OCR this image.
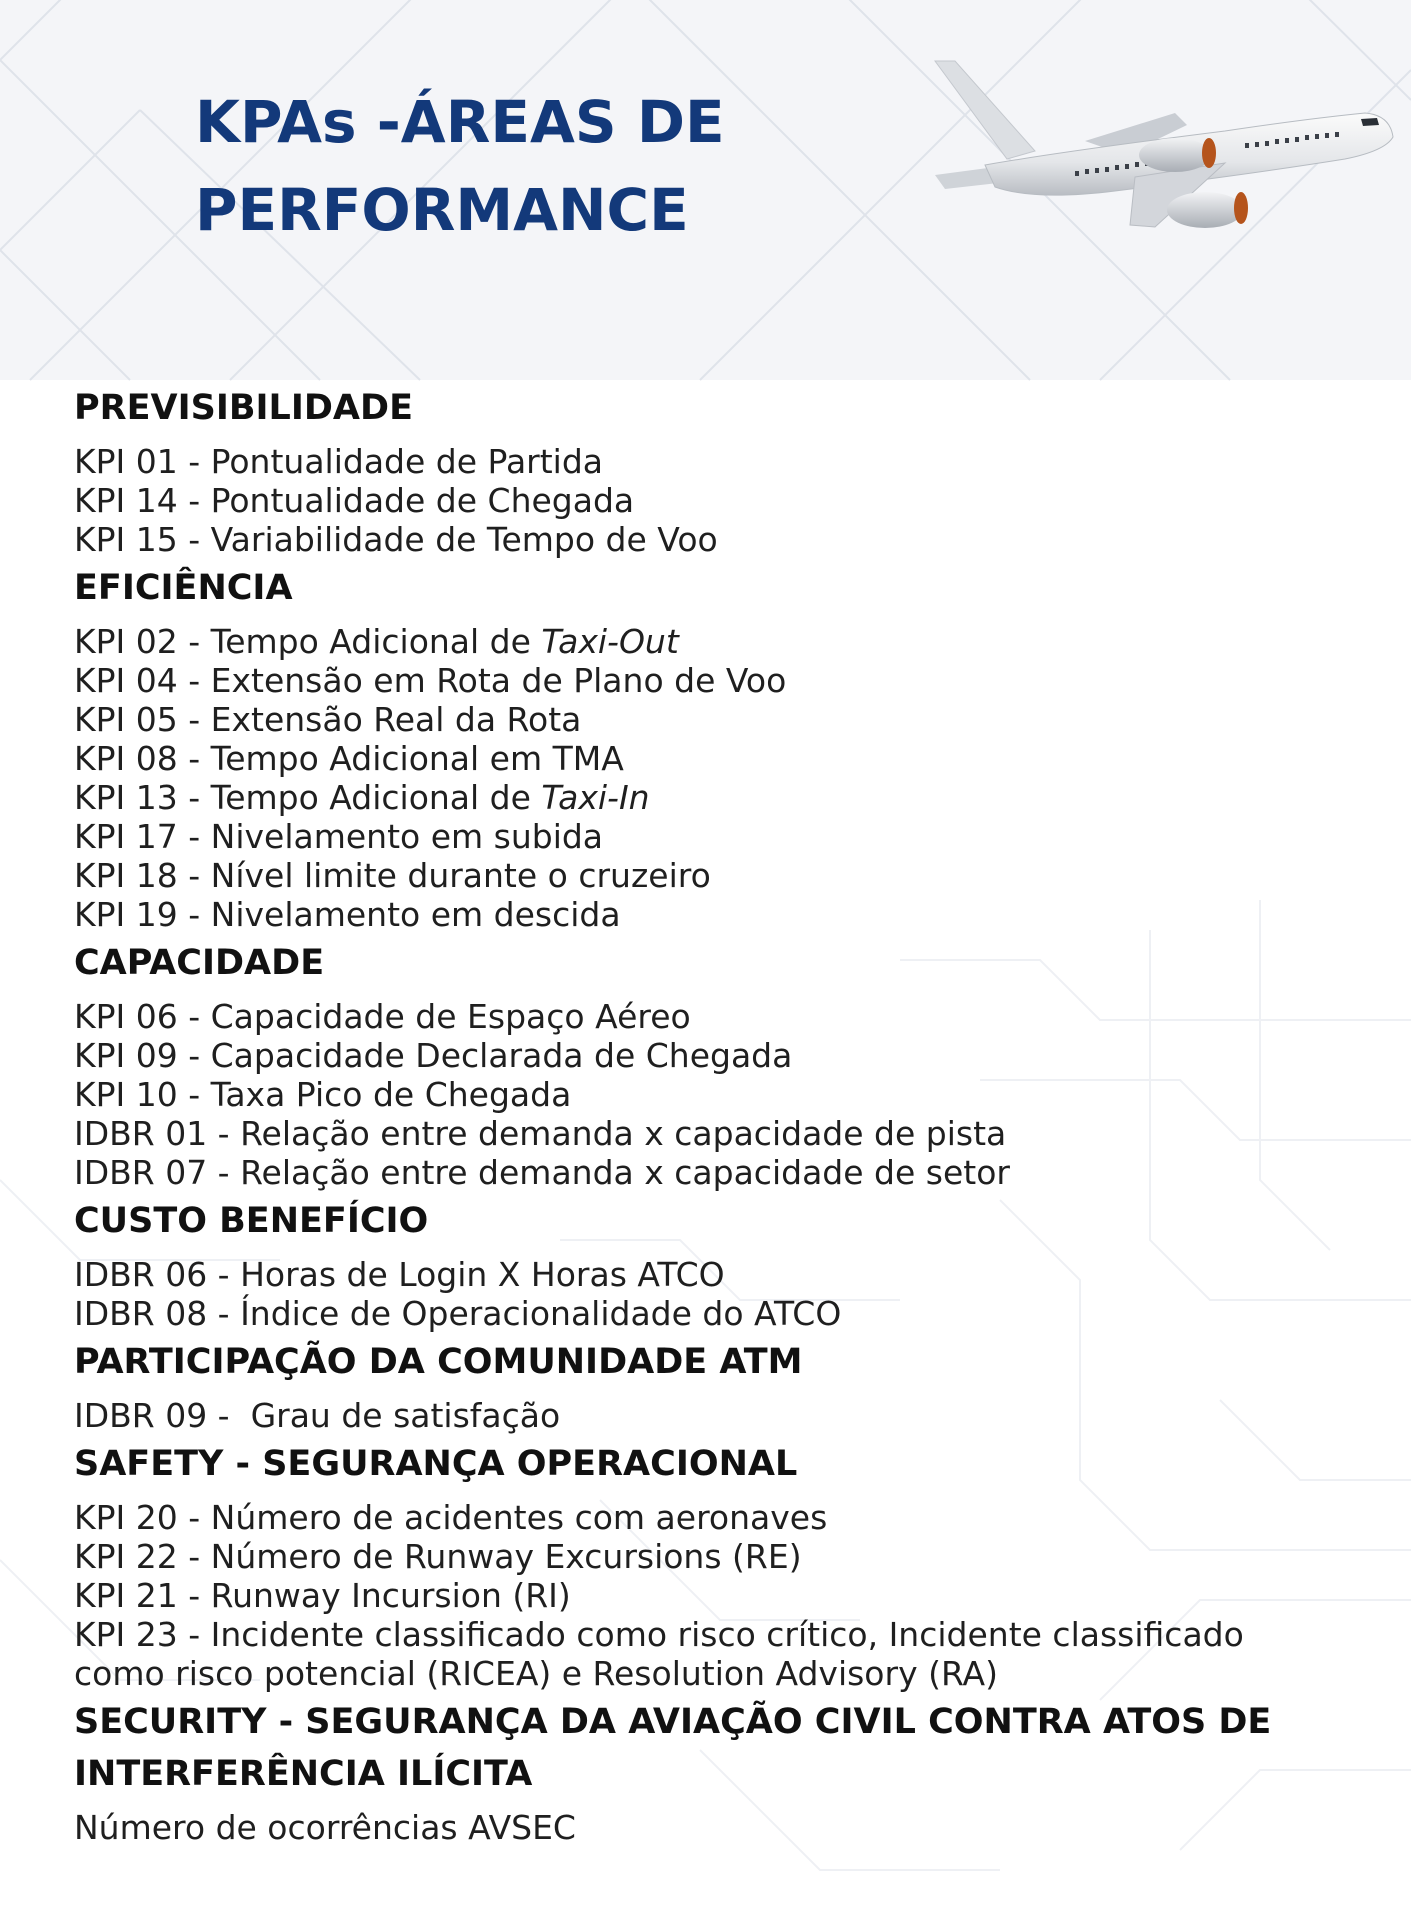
KPAs -ÁREAS DE
PERFORMANCE
PREVISIBILIDADE
KPI 01 - Pontualidade de Partida
KPI 14 - Pontualidade de Chegada
KPI 15 - Variabilidade de Tempo de Voo
EFICIÊNCIA
KPI 02 - Tempo Adicional de Taxi-Out
KPI 04 - Extensão em Rota de Plano de Voo
KPI 05 - Extensão Real da Rota
KPI 08 - Tempo Adicional em TMA
KPI 13 - Tempo Adicional de Taxi-In
KPI 17 - Nivelamento em subida
KPI 18 - Nível limite durante o cruzeiro
KPI 19 - Nivelamento em descida
CAPACIDADE
KPI 06 - Capacidade de Espaço Aéreo
KPI 09 - Capacidade Declarada de Chegada
KPI 10 - Taxa Pico de Chegada
IDBR 01 - Relação entre demanda x capacidade de pista
IDBR 07 - Relação entre demanda x capacidade de setor
CUSTO BENEFÍCIO
IDBR 06 - Horas de Login X Horas ATCO
IDBR 08 - Índice de Operacionalidade do ATCO
PARTICIPAÇÃO DA COMUNIDADE ATM
IDBR 09 -  Grau de satisfação
SAFETY - SEGURANÇA OPERACIONAL
KPI 20 - Número de acidentes com aeronaves
KPI 22 - Número de Runway Excursions (RE)
KPI 21 - Runway Incursion (RI)
KPI 23 - Incidente classificado como risco crítico, Incidente classificado como risco potencial (RICEA) e Resolution Advisory (RA)
SECURITY - SEGURANÇA DA AVIAÇÃO CIVIL CONTRA ATOS DE INTERFERÊNCIA ILÍCITA
Número de ocorrências AVSEC
